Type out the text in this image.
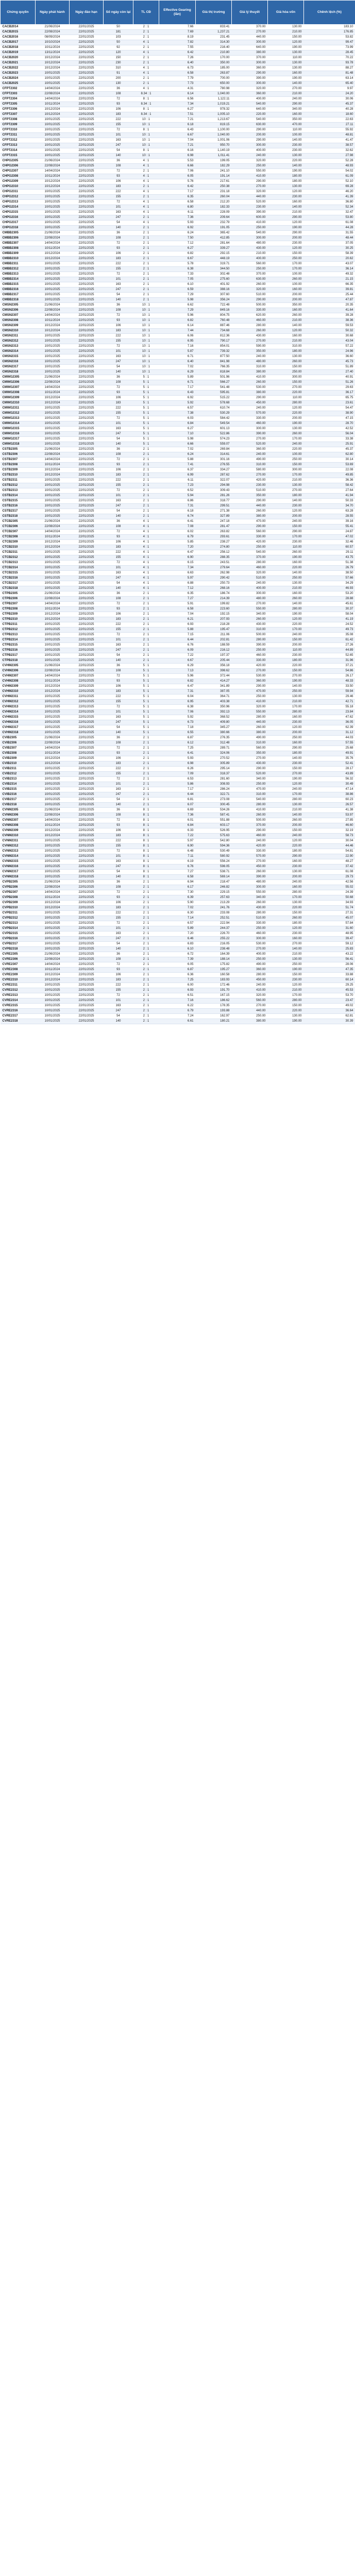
Chứng quyền	Ngày phát hành	Ngày đáo hạn	Số ngày còn lại	TL CĐ	Effective Gearing (lần)	Giá thị trường	Giá lý thuyết	Giá hòa vốn	Chênh lệch (%)
CACB2014	21/06/2024	22/01/2025	50	2 : 1	7.66	833.41	370.00	130.00	183.10
CACB2015	22/08/2024	22/01/2025	181	2 : 1	7.69	1,237.21	270.00	210.00	176.85
CACB2016	08/09/2024	22/01/2025	103	2 : 1	8.19	231.45	440.00	150.00	53.82
CACB2017	10/10/2024	22/01/2025	50	4 : 1	7.82	314.30	300.00	120.00	99.47
CACB2018	10/11/2024	22/01/2025	92	2 : 1	7.55	216.40	640.00	190.00	73.99
CACB2019	13/11/2024	22/01/2025	120	4 : 1	6.42	210.80	380.00	130.00	28.45
CACB2020	10/12/2024	22/01/2025	150	2 : 1	7.26	170.00	370.00	110.00	70.22
CACB2021	10/12/2024	22/01/2025	230	2 : 1	6.40	350.00	300.00	130.00	93.78
CACB2022	10/12/2024	22/01/2025	310	4 : 1	6.73	185.00	360.00	130.00	88.27
CACB2023	10/01/2025	22/01/2025	91	4 : 1	6.58	263.87	290.00	160.00	81.48
CACB2024	10/01/2025	22/01/2025	200	2 : 1	7.79	700.00	390.00	190.00	63.14
CACB2025	10/01/2025	22/01/2025	130	2 : 1	7.73	650.00	300.00	140.00	65.40
CFPT2302	14/04/2024	22/01/2025	36	4 : 1	4.31	780.98	320.00	270.00	9.97
CFPT2303	22/08/2024	22/01/2025	108	8.34 : 1	6.14	1,040.00	360.00	210.00	24.20
CFPT2304	14/04/2024	22/01/2025	72	8 : 1	6.56	1,122.11	400.00	240.00	30.06
CFPT2305	10/11/2024	22/01/2025	93	8.34 : 1	7.34	1,019.21	540.00	290.00	45.37
CFPT2306	10/12/2024	22/01/2025	106	8 : 1	6.27	978.32	640.00	340.00	40.28
CFPT2307	10/12/2024	22/01/2025	183	8.34 : 1	7.51	1,005.10	220.00	160.00	18.60
CFPT2308	10/01/2025	22/01/2025	222	10 : 1	7.21	1,213.67	540.00	350.00	22.63
CFPT2309	10/01/2025	22/01/2025	155	10 : 1	6.18	819.15	630.00	470.00	27.11
CFPT2310	10/01/2025	22/01/2025	72	8 : 1	6.43	1,100.00	290.00	110.00	55.92
CFPT2311	10/01/2025	22/01/2025	101	10 : 1	6.67	1,040.00	200.00	100.00	48.81
CFPT2312	10/01/2025	22/01/2025	163	10 : 1	7.04	1,001.06	290.00	140.00	41.47
CFPT2313	10/01/2025	22/01/2025	247	10 : 1	7.21	950.70	300.00	230.00	38.57
CFPT2314	10/01/2025	22/01/2025	54	8 : 1	6.16	1,140.19	400.00	230.00	32.62
CFPT2315	10/01/2025	22/01/2025	140	10 : 1	6.98	1,011.41	240.00	130.00	27.98
CHPG2305	21/06/2024	22/01/2025	36	4 : 1	5.53	199.05	320.00	220.00	52.28
CHPG2306	22/08/2024	22/01/2025	108	4 : 1	6.66	182.29	250.00	140.00	48.93
CHPG2307	14/04/2024	22/01/2025	72	2 : 1	7.06	241.10	550.00	190.00	54.02
CHPG2308	10/11/2024	22/01/2025	93	4 : 1	6.05	191.14	410.00	180.00	61.09
CHPG2309	10/12/2024	22/01/2025	106	4 : 1	5.76	217.61	290.00	180.00	52.10
CHPG2310	10/12/2024	22/01/2025	183	2 : 1	6.42	250.38	270.00	130.00	69.28
CHPG2311	10/01/2025	22/01/2025	222	4 : 1	7.17	231.18	320.00	120.00	46.20
CHPG2312	10/01/2025	22/01/2025	155	2 : 1	6.35	260.04	440.00	230.00	41.39
CHPG2313	10/01/2025	22/01/2025	72	4 : 1	6.58	212.20	520.00	160.00	36.80
CHPG2314	10/01/2025	22/01/2025	101	4 : 1	6.80	182.33	230.00	140.00	52.34
CHPG2315	10/01/2025	22/01/2025	163	4 : 1	6.11	228.09	390.00	210.00	32.47
CHPG2316	10/01/2025	22/01/2025	247	2 : 1	7.36	209.64	600.00	290.00	53.80
CHPG2317	10/01/2025	22/01/2025	54	4 : 1	5.93	232.79	410.00	120.00	61.08
CHPG2318	10/01/2025	22/01/2025	140	2 : 1	6.92	191.05	250.00	190.00	44.28
CMBB2305	21/06/2024	22/01/2025	36	2 : 1	6.24	365.42	540.00	290.00	31.55
CMBB2306	22/08/2024	22/01/2025	108	2 : 1	7.50	412.85	300.00	200.00	48.44
CMBB2307	14/04/2024	22/01/2025	72	2 : 1	7.12	281.64	480.00	230.00	37.05
CMBB2308	10/11/2024	22/01/2025	93	2 : 1	6.27	339.27	430.00	120.00	30.25
CMBB2309	10/12/2024	22/01/2025	106	2 : 1	6.82	292.15	210.00	150.00	58.39
CMBB2310	10/12/2024	22/01/2025	183	2 : 1	6.67	448.19	400.00	250.00	20.62
CMBB2311	10/01/2025	22/01/2025	222	2 : 1	5.78	319.71	560.00	170.00	43.07
CMBB2312	10/01/2025	22/01/2025	155	2 : 1	6.38	344.50	250.00	170.00	36.14
CMBB2313	10/01/2025	22/01/2025	72	2 : 1	7.33	302.48	370.00	100.00	49.32
CMBB2314	10/01/2025	22/01/2025	101	2 : 1	7.05	275.60	630.00	260.00	21.15
CMBB2315	10/01/2025	22/01/2025	163	2 : 1	6.10	401.92	260.00	100.00	66.35
CMBB2316	10/01/2025	22/01/2025	247	2 : 1	6.59	388.16	320.00	160.00	39.81
CMBB2317	10/01/2025	22/01/2025	54	2 : 1	7.29	307.60	510.00	200.00	25.44
CMBB2318	10/01/2025	22/01/2025	140	2 : 1	5.98	356.24	290.00	200.00	47.87
CMSN2305	21/06/2024	22/01/2025	36	10 : 1	6.62	722.48	500.00	350.00	20.35
CMSN2306	22/08/2024	22/01/2025	108	10 : 1	7.29	849.16	330.00	160.00	41.64
CMSN2307	14/04/2024	22/01/2025	72	10 : 1	5.96	804.75	620.00	260.00	39.28
CMSN2308	10/11/2024	22/01/2025	93	10 : 1	6.82	760.48	460.00	210.00	38.36
CMSN2309	10/12/2024	22/01/2025	106	10 : 1	6.14	887.46	280.00	140.00	59.53
CMSN2310	10/12/2024	22/01/2025	183	10 : 1	7.44	734.68	260.00	120.00	50.32
CMSN2311	10/01/2025	22/01/2025	222	10 : 1	6.06	812.36	430.00	160.00	30.68
CMSN2312	10/01/2025	22/01/2025	155	10 : 1	6.95	790.17	270.00	210.00	43.04
CMSN2313	10/01/2025	22/01/2025	72	10 : 1	7.16	854.01	590.00	310.00	57.22
CMSN2314	10/01/2025	22/01/2025	101	10 : 1	5.87	739.32	350.00	180.00	24.96
CMSN2315	10/01/2025	22/01/2025	163	10 : 1	6.71	877.50	240.00	130.00	36.60
CMSN2316	10/01/2025	22/01/2025	247	10 : 1	6.40	841.98	480.00	260.00	45.73
CMSN2317	10/01/2025	22/01/2025	54	10 : 1	7.02	766.35	310.00	150.00	51.89
CMSN2318	10/01/2025	22/01/2025	140	10 : 1	6.29	818.84	380.00	250.00	27.40
CMWG2305	21/06/2024	22/01/2025	36	5 : 1	5.89	501.96	410.00	300.00	40.91
CMWG2306	22/08/2024	22/01/2025	108	5 : 1	6.71	566.27	260.00	150.00	51.26
CMWG2307	14/04/2024	22/01/2025	72	5 : 1	7.17	541.48	530.00	270.00	29.63
CMWG2308	10/11/2024	22/01/2025	93	5 : 1	6.43	595.81	380.00	220.00	36.17
CMWG2309	10/12/2024	22/01/2025	106	5 : 1	6.92	515.22	290.00	110.00	65.75
CMWG2310	10/12/2024	22/01/2025	183	5 : 1	5.92	578.68	450.00	280.00	23.61
CMWG2311	10/01/2025	22/01/2025	222	5 : 1	6.57	610.74	240.00	120.00	54.47
CMWG2312	10/01/2025	22/01/2025	155	5 : 1	7.38	530.29	570.00	220.00	38.90
CMWG2313	10/01/2025	22/01/2025	72	5 : 1	6.03	584.42	330.00	200.00	47.15
CMWG2314	10/01/2025	22/01/2025	101	5 : 1	6.84	549.54	460.00	190.00	28.70
CMWG2315	10/01/2025	22/01/2025	163	5 : 1	6.27	601.13	300.00	130.00	42.52
CMWG2316	10/01/2025	22/01/2025	247	5 : 1	7.10	522.86	390.00	260.00	56.04
CMWG2317	10/01/2025	22/01/2025	54	5 : 1	5.98	574.23	270.00	170.00	33.38
CMWG2318	10/01/2025	22/01/2025	140	5 : 1	6.66	559.07	520.00	240.00	25.91
CSTB2305	21/06/2024	22/01/2025	36	2 : 1	7.02	269.84	360.00	220.00	45.37
CSTB2306	22/08/2024	22/01/2025	108	2 : 1	6.24	314.61	240.00	100.00	62.80
CSTB2307	14/04/2024	22/01/2025	72	2 : 1	5.88	301.16	490.00	250.00	30.14
CSTB2308	10/11/2024	22/01/2025	93	2 : 1	7.41	276.55	310.00	150.00	53.69
CSTB2309	10/12/2024	22/01/2025	106	2 : 1	6.37	334.27	580.00	300.00	22.08
CSTB2310	10/12/2024	22/01/2025	183	2 : 1	6.99	287.62	270.00	170.00	49.85
CSTB2311	10/01/2025	22/01/2025	222	2 : 1	6.11	322.07	420.00	210.00	36.36
CSTB2312	10/01/2025	22/01/2025	155	2 : 1	7.23	294.98	230.00	130.00	58.42
CSTB2313	10/01/2025	22/01/2025	72	2 : 1	6.52	309.43	510.00	270.00	27.64
CSTB2314	10/01/2025	22/01/2025	101	2 : 1	5.94	281.26	350.00	180.00	41.94
CSTB2315	10/01/2025	22/01/2025	163	2 : 1	6.86	318.77	290.00	140.00	50.33
CSTB2316	10/01/2025	22/01/2025	247	2 : 1	7.31	299.51	440.00	230.00	34.70
CSTB2317	10/01/2025	22/01/2025	54	2 : 1	6.18	271.38	260.00	120.00	63.28
CSTB2318	10/01/2025	22/01/2025	140	2 : 1	6.74	327.89	380.00	200.00	28.55
CTCB2305	21/06/2024	22/01/2025	36	4 : 1	6.41	247.18	470.00	240.00	39.16
CTCB2306	22/08/2024	22/01/2025	108	4 : 1	7.08	281.47	290.00	150.00	55.41
CTCB2307	14/04/2024	22/01/2025	72	4 : 1	6.02	263.82	560.00	290.00	24.87
CTCB2308	10/11/2024	22/01/2025	93	4 : 1	6.79	293.61	330.00	170.00	47.02
CTCB2309	10/12/2024	22/01/2025	106	4 : 1	5.85	238.27	420.00	230.00	32.46
CTCB2310	10/12/2024	22/01/2025	183	4 : 1	7.20	274.80	250.00	110.00	60.57
CTCB2311	10/01/2025	22/01/2025	222	4 : 1	6.47	256.12	540.00	260.00	29.11
CTCB2312	10/01/2025	22/01/2025	155	4 : 1	6.90	288.35	370.00	190.00	43.75
CTCB2313	10/01/2025	22/01/2025	72	4 : 1	6.15	243.51	280.00	160.00	51.38
CTCB2314	10/01/2025	22/01/2025	101	4 : 1	7.34	279.64	460.00	220.00	26.79
CTCB2315	10/01/2025	22/01/2025	163	4 : 1	6.63	262.98	320.00	140.00	38.50
CTCB2316	10/01/2025	22/01/2025	247	4 : 1	5.97	290.42	510.00	250.00	57.66
CTCB2317	10/01/2025	22/01/2025	54	4 : 1	6.88	250.73	240.00	130.00	34.29
CTCB2318	10/01/2025	22/01/2025	140	4 : 1	7.12	268.16	400.00	210.00	46.93
CTPB2305	21/06/2024	22/01/2025	36	2 : 1	6.35	186.74	300.00	160.00	53.20
CTPB2306	22/08/2024	22/01/2025	108	2 : 1	7.27	214.39	480.00	260.00	28.88
CTPB2307	14/04/2024	22/01/2025	72	2 : 1	5.91	199.82	270.00	140.00	45.61
CTPB2308	10/11/2024	22/01/2025	93	2 : 1	6.58	223.60	550.00	280.00	30.37
CTPB2309	10/12/2024	22/01/2025	106	2 : 1	7.04	192.15	340.00	190.00	58.04
CTPB2310	10/12/2024	22/01/2025	183	2 : 1	6.21	207.93	260.00	120.00	41.19
CTPB2311	10/01/2025	22/01/2025	222	2 : 1	6.93	218.28	430.00	220.00	24.52
CTPB2312	10/01/2025	22/01/2025	155	2 : 1	5.88	195.47	310.00	170.00	49.73
CTPB2313	10/01/2025	22/01/2025	72	2 : 1	7.15	211.06	500.00	240.00	35.08
CTPB2314	10/01/2025	22/01/2025	101	2 : 1	6.44	202.81	280.00	150.00	61.42
CTPB2315	10/01/2025	22/01/2025	163	2 : 1	6.76	188.59	390.00	200.00	27.26
CTPB2316	10/01/2025	22/01/2025	247	2 : 1	6.09	216.12	250.00	110.00	44.89
CTPB2317	10/01/2025	22/01/2025	54	2 : 1	7.22	197.37	460.00	230.00	52.65
CTPB2318	10/01/2025	22/01/2025	140	2 : 1	6.67	205.44	330.00	180.00	31.96
CVHM2305	21/06/2024	22/01/2025	36	5 : 1	6.29	356.18	420.00	220.00	37.21
CVHM2306	22/08/2024	22/01/2025	108	5 : 1	7.13	398.62	270.00	150.00	54.86
CVHM2307	14/04/2024	22/01/2025	72	5 : 1	5.96	372.44	530.00	270.00	26.17
CVHM2308	10/11/2024	22/01/2025	93	5 : 1	6.82	414.27	360.00	190.00	48.33
CVHM2309	10/12/2024	22/01/2025	106	5 : 1	6.47	341.89	290.00	140.00	33.50
CVHM2310	10/12/2024	22/01/2025	183	5 : 1	7.31	387.05	470.00	250.00	59.94
CVHM2311	10/01/2025	22/01/2025	222	5 : 1	6.04	364.71	250.00	130.00	29.46
CVHM2312	10/01/2025	22/01/2025	155	5 : 1	6.95	403.38	410.00	210.00	42.71
CVHM2313	10/01/2025	22/01/2025	72	5 : 1	6.38	350.96	320.00	170.00	55.18
CVHM2314	10/01/2025	22/01/2025	101	5 : 1	7.06	392.13	550.00	280.00	23.84
CVHM2315	10/01/2025	22/01/2025	163	5 : 1	5.92	368.52	280.00	160.00	47.62
CVHM2316	10/01/2025	22/01/2025	247	5 : 1	6.73	409.80	440.00	230.00	36.05
CVHM2317	10/01/2025	22/01/2025	54	5 : 1	7.18	345.27	260.00	120.00	62.39
CVHM2318	10/01/2025	22/01/2025	140	5 : 1	6.55	380.66	380.00	200.00	31.12
CVIB2305	21/06/2024	22/01/2025	36	2 : 1	6.87	276.35	490.00	250.00	44.03
CVIB2306	22/08/2024	22/01/2025	108	2 : 1	6.12	312.48	310.00	160.00	57.55
CVIB2307	14/04/2024	22/01/2025	72	2 : 1	7.25	289.71	560.00	290.00	25.68
CVIB2308	10/11/2024	22/01/2025	93	2 : 1	6.41	324.06	350.00	180.00	49.91
CVIB2309	10/12/2024	22/01/2025	106	2 : 1	5.93	270.52	270.00	140.00	35.76
CVIB2310	10/12/2024	22/01/2025	183	2 : 1	6.98	305.89	430.00	230.00	52.41
CVIB2311	10/01/2025	22/01/2025	222	2 : 1	6.26	295.14	290.00	150.00	28.17
CVIB2312	10/01/2025	22/01/2025	155	2 : 1	7.09	318.37	520.00	270.00	43.89
CVIB2313	10/01/2025	22/01/2025	72	2 : 1	6.53	281.60	340.00	190.00	56.32
CVIB2314	10/01/2025	22/01/2025	101	2 : 1	5.86	308.93	250.00	120.00	30.49
CVIB2315	10/01/2025	22/01/2025	163	2 : 1	7.17	286.24	470.00	240.00	47.14
CVIB2316	10/01/2025	22/01/2025	247	2 : 1	6.44	322.71	310.00	170.00	38.86
CVIB2317	10/01/2025	22/01/2025	54	2 : 1	6.81	273.08	540.00	280.00	60.23
CVIB2318	10/01/2025	22/01/2025	140	2 : 1	6.07	300.45	280.00	130.00	26.57
CVNM2305	21/06/2024	22/01/2025	36	8 : 1	6.69	534.26	410.00	210.00	41.38
CVNM2306	22/08/2024	22/01/2025	108	8 : 1	7.36	587.41	260.00	140.00	53.97
CVNM2307	14/04/2024	22/01/2025	72	8 : 1	6.01	551.88	500.00	260.00	27.85
CVNM2308	10/11/2024	22/01/2025	93	8 : 1	6.84	603.17	370.00	200.00	46.60
CVNM2309	10/12/2024	22/01/2025	106	8 : 1	6.33	526.95	290.00	150.00	32.19
CVNM2310	10/12/2024	22/01/2025	183	8 : 1	7.22	575.63	460.00	240.00	58.73
CVNM2311	10/01/2025	22/01/2025	222	8 : 1	5.97	542.80	240.00	120.00	30.04
CVNM2312	10/01/2025	22/01/2025	155	8 : 1	6.90	594.36	420.00	220.00	44.46
CVNM2313	10/01/2025	22/01/2025	72	8 : 1	6.48	530.49	330.00	180.00	54.81
CVNM2314	10/01/2025	22/01/2025	101	8 : 1	7.11	580.92	570.00	290.00	22.90
CVNM2315	10/01/2025	22/01/2025	163	8 : 1	6.19	556.24	270.00	160.00	48.27
CVNM2316	10/01/2025	22/01/2025	247	8 : 1	6.76	598.05	450.00	230.00	37.42
CVNM2317	10/01/2025	22/01/2025	54	8 : 1	7.27	538.71	260.00	130.00	61.08
CVNM2318	10/01/2025	22/01/2025	140	8 : 1	6.58	569.14	390.00	200.00	29.73
CVPB2305	21/06/2024	22/01/2025	36	2 : 1	6.94	218.47	480.00	240.00	42.56
CVPB2306	22/08/2024	22/01/2025	108	2 : 1	6.17	246.82	300.00	160.00	55.02
CVPB2307	14/04/2024	22/01/2025	72	2 : 1	7.30	229.15	550.00	280.00	24.39
CVPB2308	10/11/2024	22/01/2025	93	2 : 1	6.39	257.63	340.00	170.00	50.68
CVPB2309	10/12/2024	22/01/2025	106	2 : 1	5.90	213.29	260.00	130.00	34.93
CVPB2310	10/12/2024	22/01/2025	183	2 : 1	7.02	241.76	430.00	220.00	51.74
CVPB2311	10/01/2025	22/01/2025	222	2 : 1	6.30	233.08	280.00	150.00	27.31
CVPB2312	10/01/2025	22/01/2025	155	2 : 1	7.14	252.51	510.00	260.00	45.07
CVPB2313	10/01/2025	22/01/2025	72	2 : 1	6.57	222.94	330.00	180.00	57.84
CVPB2314	10/01/2025	22/01/2025	101	2 : 1	5.89	244.37	250.00	120.00	31.60
CVPB2315	10/01/2025	22/01/2025	163	2 : 1	7.20	226.70	460.00	230.00	48.95
CVPB2316	10/01/2025	22/01/2025	247	2 : 1	6.46	255.22	300.00	160.00	39.47
CVPB2317	10/01/2025	22/01/2025	54	2 : 1	6.83	216.05	530.00	270.00	59.12
CVPB2318	10/01/2025	22/01/2025	140	2 : 1	6.10	238.48	270.00	140.00	25.83
CVRE2305	21/06/2024	22/01/2025	36	2 : 1	6.72	164.39	400.00	210.00	43.22
CVRE2306	22/08/2024	22/01/2025	108	2 : 1	7.39	188.14	250.00	130.00	56.41
CVRE2307	14/04/2024	22/01/2025	72	2 : 1	6.05	175.82	490.00	250.00	28.06
CVRE2308	10/11/2024	22/01/2025	93	2 : 1	6.87	195.27	360.00	190.00	47.35
CVRE2309	10/12/2024	22/01/2025	106	2 : 1	6.36	160.58	280.00	150.00	33.88
CVRE2310	10/12/2024	22/01/2025	183	2 : 1	7.25	183.93	450.00	230.00	60.14
CVRE2311	10/01/2025	22/01/2025	222	2 : 1	6.00	172.46	240.00	120.00	29.25
CVRE2312	10/01/2025	22/01/2025	155	2 : 1	6.93	191.70	410.00	210.00	45.53
CVRE2313	10/01/2025	22/01/2025	72	2 : 1	6.51	167.15	320.00	170.00	53.70
CVRE2314	10/01/2025	22/01/2025	101	2 : 1	7.16	186.62	560.00	280.00	23.47
CVRE2315	10/01/2025	22/01/2025	163	2 : 1	6.22	178.35	270.00	150.00	49.02
CVRE2316	10/01/2025	22/01/2025	247	2 : 1	6.79	193.88	440.00	220.00	36.64
CVRE2317	10/01/2025	22/01/2025	54	2 : 1	7.24	162.97	250.00	130.00	62.81
CVRE2318	10/01/2025	22/01/2025	140	2 : 1	6.61	180.21	380.00	190.00	30.39
